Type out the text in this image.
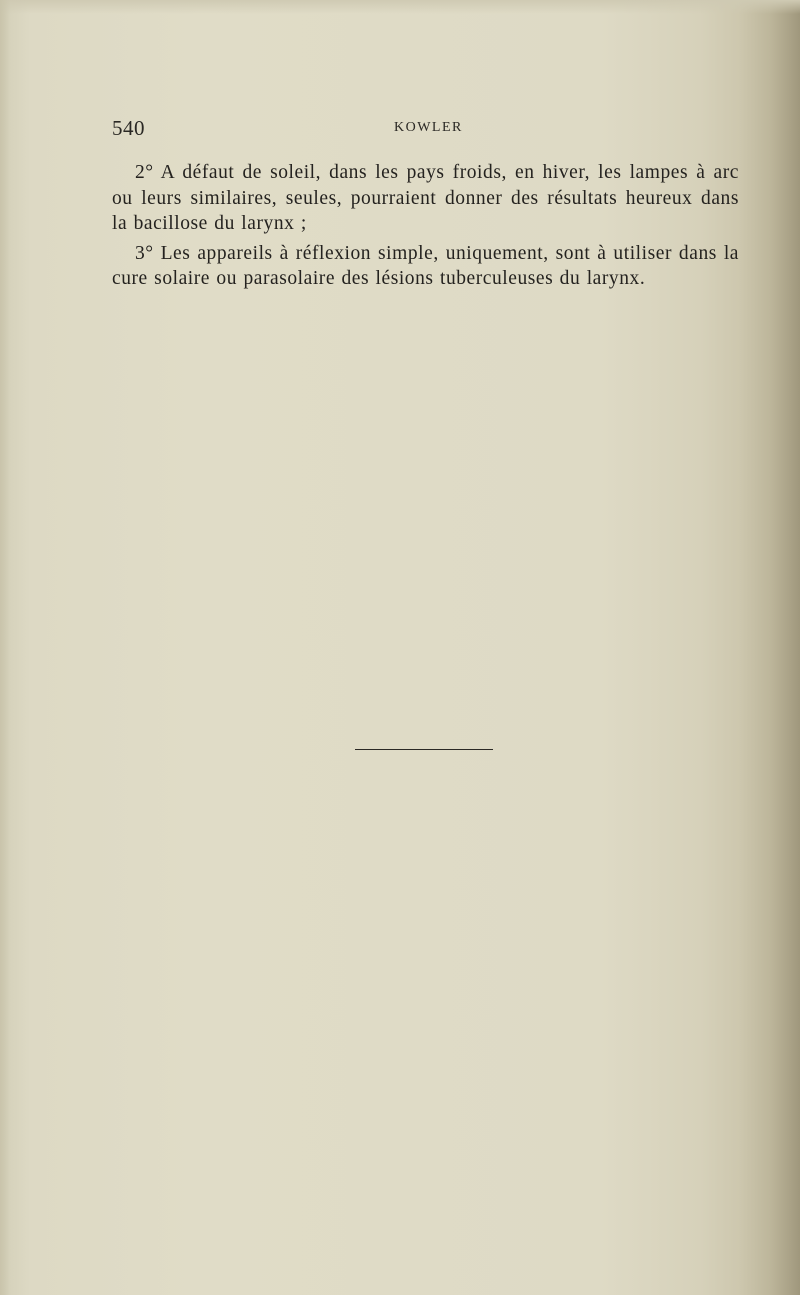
540	KOWLER

2° A défaut de soleil, dans les pays froids, en hiver, les lampes à arc ou leurs similaires, seules, pourraient donner des résultats heureux dans la bacillose du larynx ;

3° Les appareils à réflexion simple, uniquement, sont à utiliser dans la cure solaire ou parasolaire des lésions tuberculeuses du larynx.
